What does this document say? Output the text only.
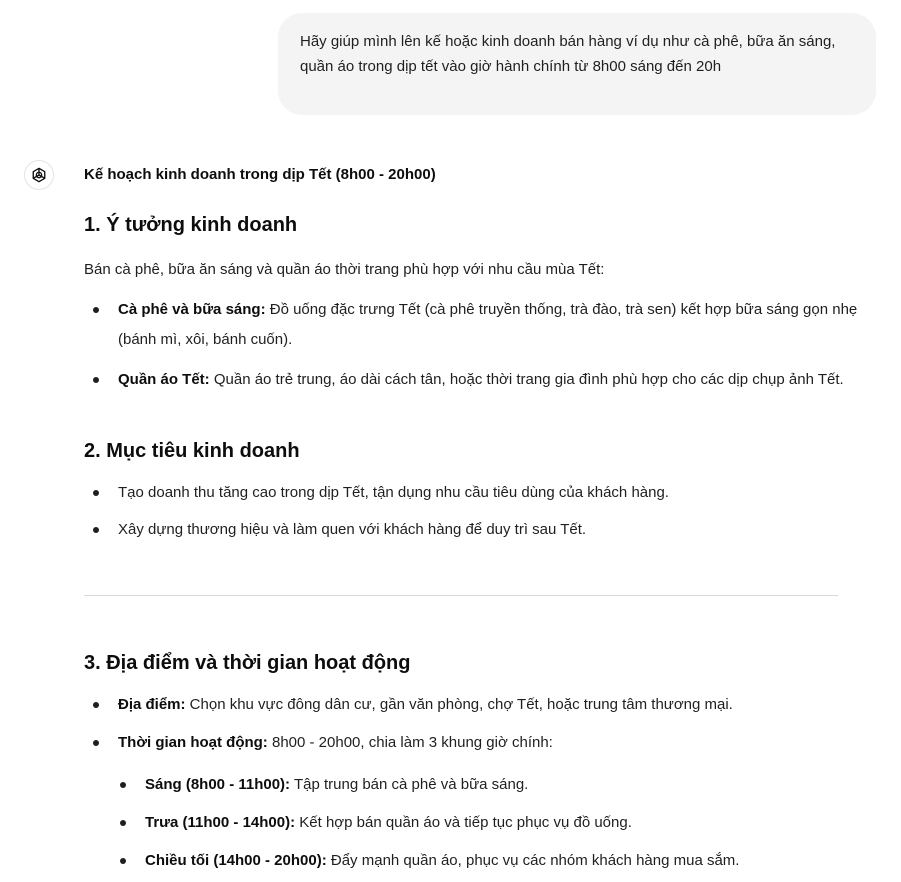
Hãy giúp mình lên kế hoặc kinh doanh bán hàng ví dụ như cà phê, bữa ăn sáng, quần áo trong dịp tết vào giờ hành chính từ 8h00 sáng đến 20h
Kế hoạch kinh doanh trong dịp Tết (8h00 - 20h00)
1. Ý tưởng kinh doanh
Bán cà phê, bữa ăn sáng và quần áo thời trang phù hợp với nhu cầu mùa Tết:
Cà phê và bữa sáng: Đồ uống đặc trưng Tết (cà phê truyền thống, trà đào, trà sen) kết hợp bữa sáng gọn nhẹ (bánh mì, xôi, bánh cuốn).
Quần áo Tết: Quần áo trẻ trung, áo dài cách tân, hoặc thời trang gia đình phù hợp cho các dịp chụp ảnh Tết.
2. Mục tiêu kinh doanh
Tạo doanh thu tăng cao trong dịp Tết, tận dụng nhu cầu tiêu dùng của khách hàng.
Xây dựng thương hiệu và làm quen với khách hàng để duy trì sau Tết.
3. Địa điểm và thời gian hoạt động
Địa điểm: Chọn khu vực đông dân cư, gần văn phòng, chợ Tết, hoặc trung tâm thương mại.
Thời gian hoạt động: 8h00 - 20h00, chia làm 3 khung giờ chính:
Sáng (8h00 - 11h00): Tập trung bán cà phê và bữa sáng.
Trưa (11h00 - 14h00): Kết hợp bán quần áo và tiếp tục phục vụ đồ uống.
Chiều tối (14h00 - 20h00): Đẩy mạnh quần áo, phục vụ các nhóm khách hàng mua sắm.
